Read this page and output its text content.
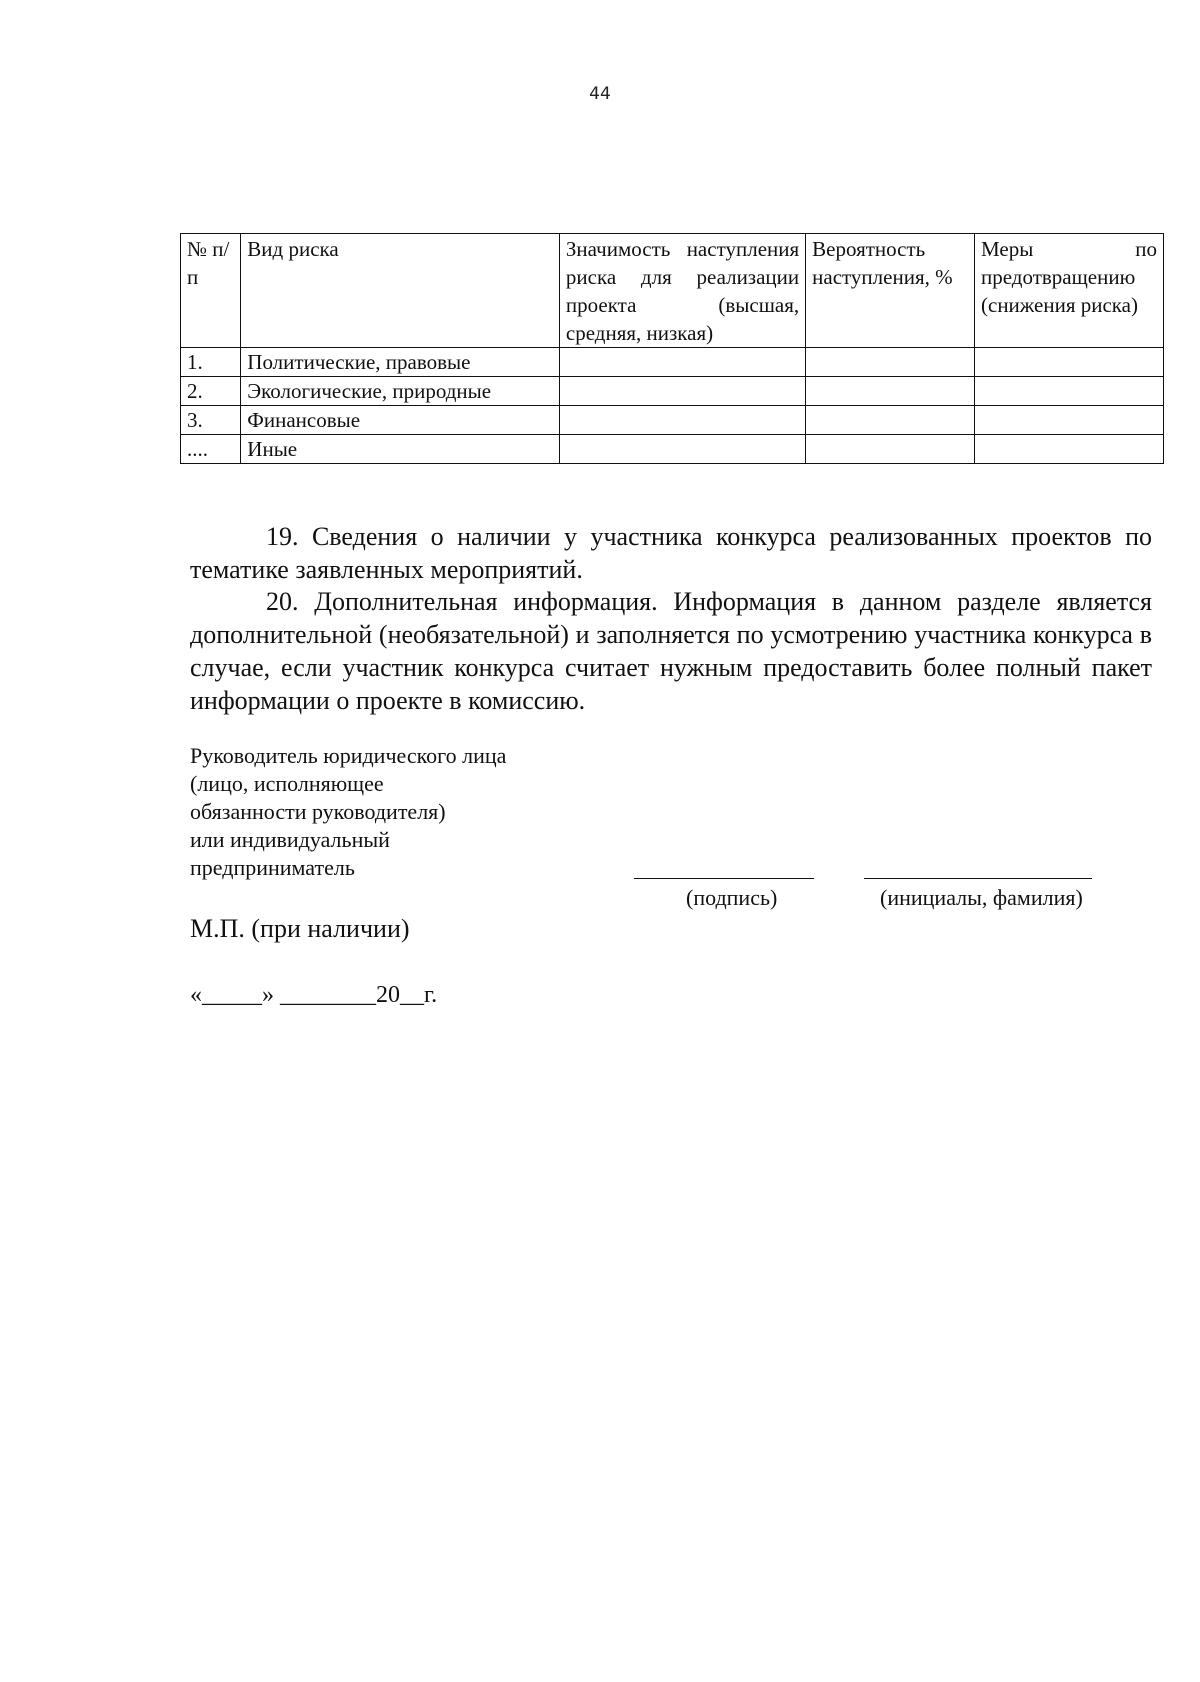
44
№ п/п	Вид риска	Значимость наступления риска для реализации проекта (высшая, средняя, низкая)	Вероятность наступления, %	Меры по предотвращению (снижения риска)
1.	Политические, правовые			
2.	Экологические, природные			
3.	Финансовые			
....	Иные			

19. Сведения о наличии у участника конкурса реализованных проектов по тематике заявленных мероприятий.

20. Дополнительная информация. Информация в данном разделе является дополнительной (необязательной) и заполняется по усмотрению участника конкурса в случае, если участник конкурса считает нужным предоставить более полный пакет информации о проекте в комиссию.

Руководитель юридического лица
(лицо, исполняющее
обязанности руководителя)
или индивидуальный
предприниматель
(подпись)	(инициалы, фамилия)
М.П. (при наличии)
«_____» ________20__г.
